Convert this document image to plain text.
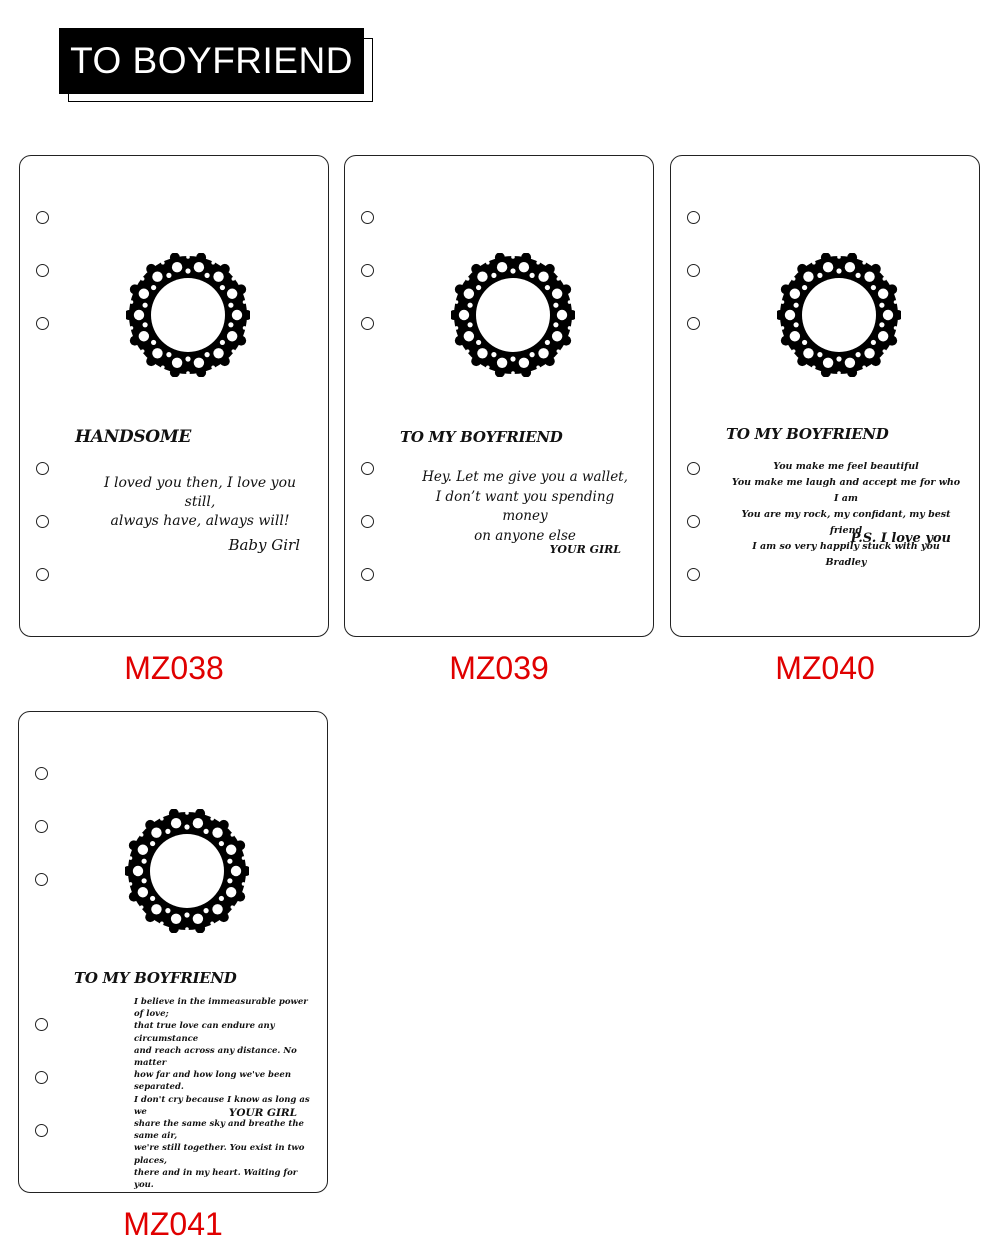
TO BOYFRIEND
HANDSOME
I loved you then, I love you still,
always have, always will!
Baby Girl
MZ038
TO MY BOYFRIEND
Hey. Let me give you a wallet,
I don’t want you spending money
on anyone else
YOUR GIRL
MZ039
TO MY BOYFRIEND
You make me feel beautiful
You make me laugh and accept me for who I am
You are my rock, my confidant, my best friend
I am so very happily stuck with you Bradley
P.S. I love you
MZ040
TO MY BOYFRIEND
I believe in the immeasurable power of love;
that true love can endure any circumstance
and reach across any distance. No matter
how far and how long we've been separated.
I don't cry because I know as long as we
share the same sky and breathe the same air,
we're still together. You exist in two places,
there and in my heart. Waiting for you.
YOUR GIRL
MZ041
